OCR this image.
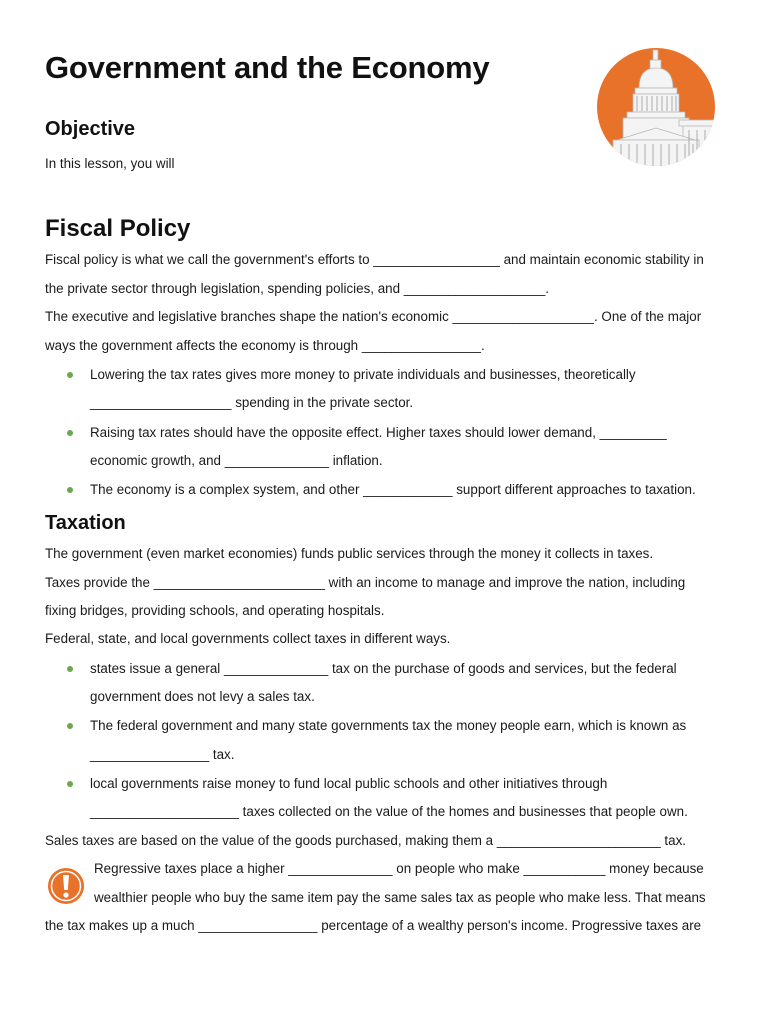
Government and the Economy
Objective
In this lesson, you will
Fiscal Policy
Fiscal policy is what we call the government's efforts to _________________ and maintain economic stability in
the private sector through legislation, spending policies, and ___________________.
The executive and legislative branches shape the nation's economic ___________________. One of the major
ways the government affects the economy is through ________________.
Lowering the tax rates gives more money to private individuals and businesses, theoretically
___________________ spending in the private sector.
Raising tax rates should have the opposite effect. Higher taxes should lower demand, _________
economic growth, and ______________ inflation.
The economy is a complex system, and other ____________ support different approaches to taxation.
Taxation
The government (even market economies) funds public services through the money it collects in taxes.
Taxes provide the _______________________ with an income to manage and improve the nation, including
fixing bridges, providing schools, and operating hospitals.
Federal, state, and local governments collect taxes in different ways.
states issue a general ______________ tax on the purchase of goods and services, but the federal
government does not levy a sales tax.
The federal government and many state governments tax the money people earn, which is known as
________________ tax.
local governments raise money to fund local public schools and other initiatives through
____________________ taxes collected on the value of the homes and businesses that people own.
Sales taxes are based on the value of the goods purchased, making them a ______________________ tax.
Regressive taxes place a higher ______________ on people who make ___________ money because
wealthier people who buy the same item pay the same sales tax as people who make less. That means
the tax makes up a much ________________ percentage of a wealthy person's income. Progressive taxes are
